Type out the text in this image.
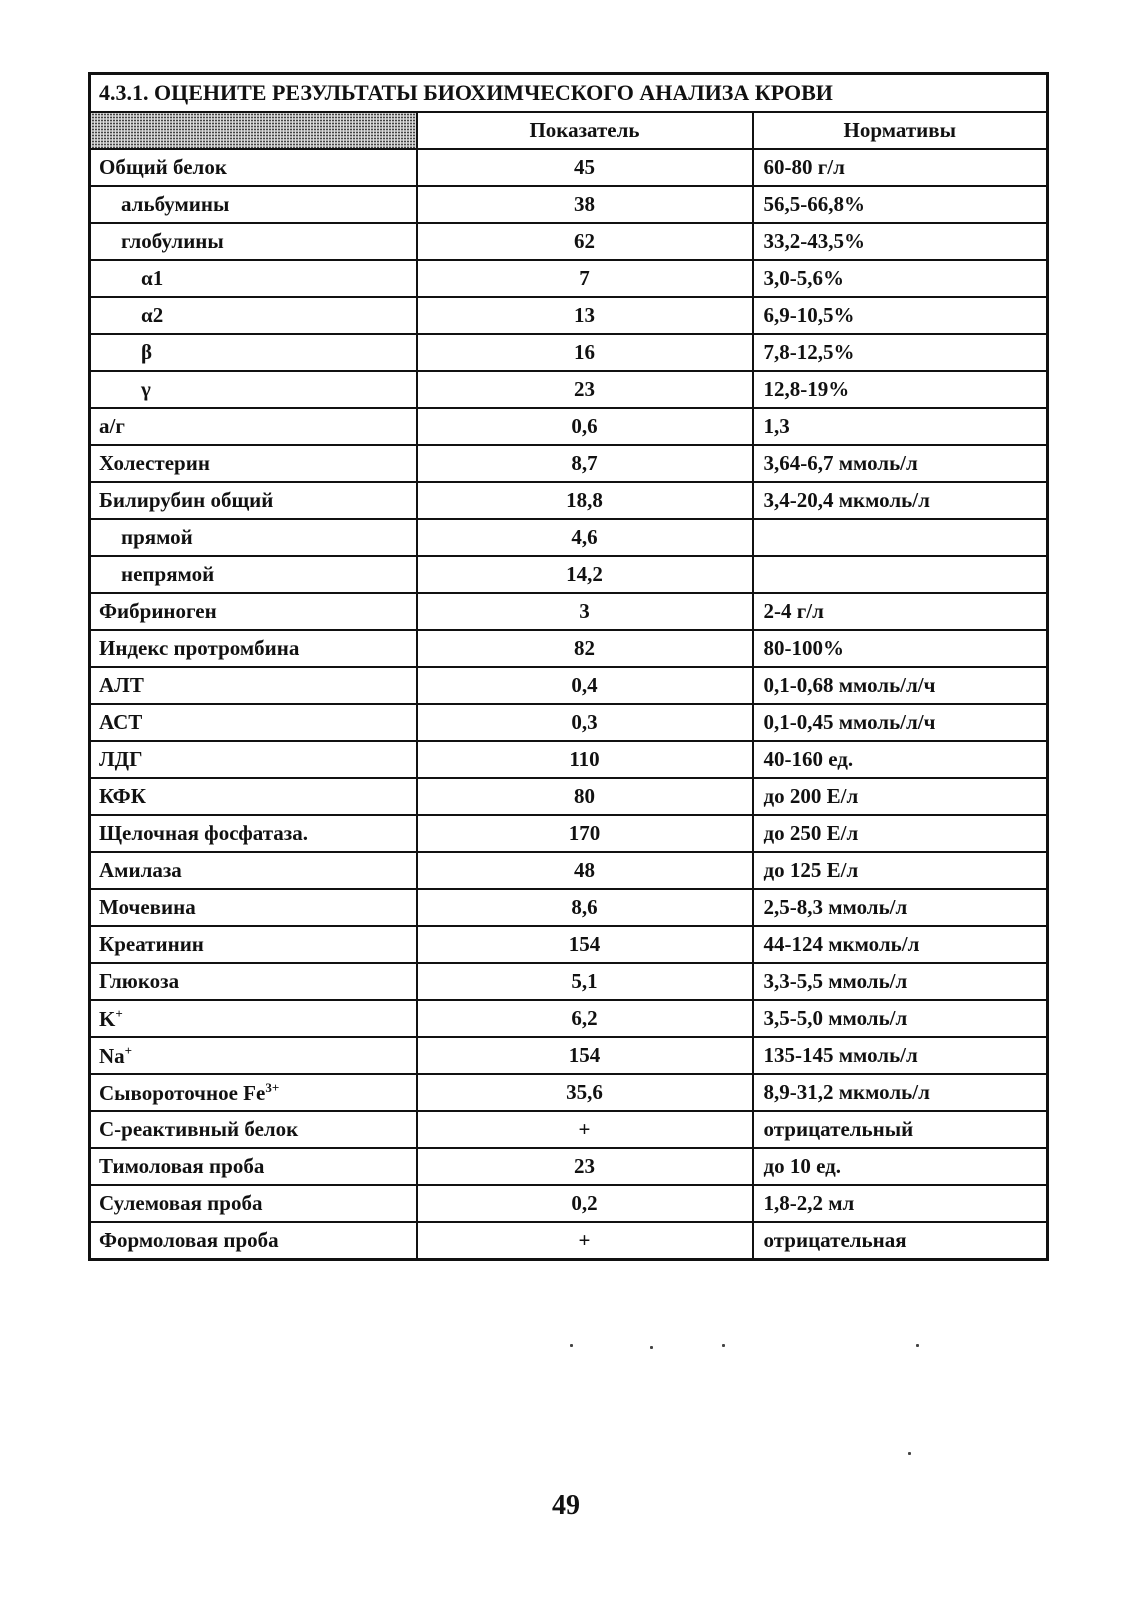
4.3.1. ОЦЕНИТЕ РЕЗУЛЬТАТЫ БИОХИМЧЕСКОГО АНАЛИЗА КРОВИ		
	Показатель	Нормативы
Общий белок	45	60-80 г/л
альбумины	38	56,5-66,8%
глобулины	62	33,2-43,5%
α1	7	3,0-5,6%
α2	13	6,9-10,5%
β	16	7,8-12,5%
γ	23	12,8-19%
а/г	0,6	1,3
Холестерин	8,7	3,64-6,7 ммоль/л
Билирубин общий	18,8	3,4-20,4 мкмоль/л
прямой	4,6	
непрямой	14,2	
Фибриноген	3	2-4 г/л
Индекс протромбина	82	80-100%
АЛТ	0,4	0,1-0,68 ммоль/л/ч
АСТ	0,3	0,1-0,45 ммоль/л/ч
ЛДГ	110	40-160 ед.
КФК	80	до 200 Е/л
Щелочная фосфатаза.	170	до 250 Е/л
Амилаза	48	до 125 Е/л
Мочевина	8,6	2,5-8,3 ммоль/л
Креатинин	154	44-124 мкмоль/л
Глюкоза	5,1	3,3-5,5 ммоль/л
K+	6,2	3,5-5,0 ммоль/л
Na+	154	135-145 ммоль/л
Сывороточное $Fe^{3+}$	35,6	8,9-31,2 мкмоль/л
С-реактивный белок	+	отрицательный
Тимоловая проба	23	до 10 ед.
Сулемовая проба	0,2	1,8-2,2 мл
Формоловая проба	+	отрицательная
49
